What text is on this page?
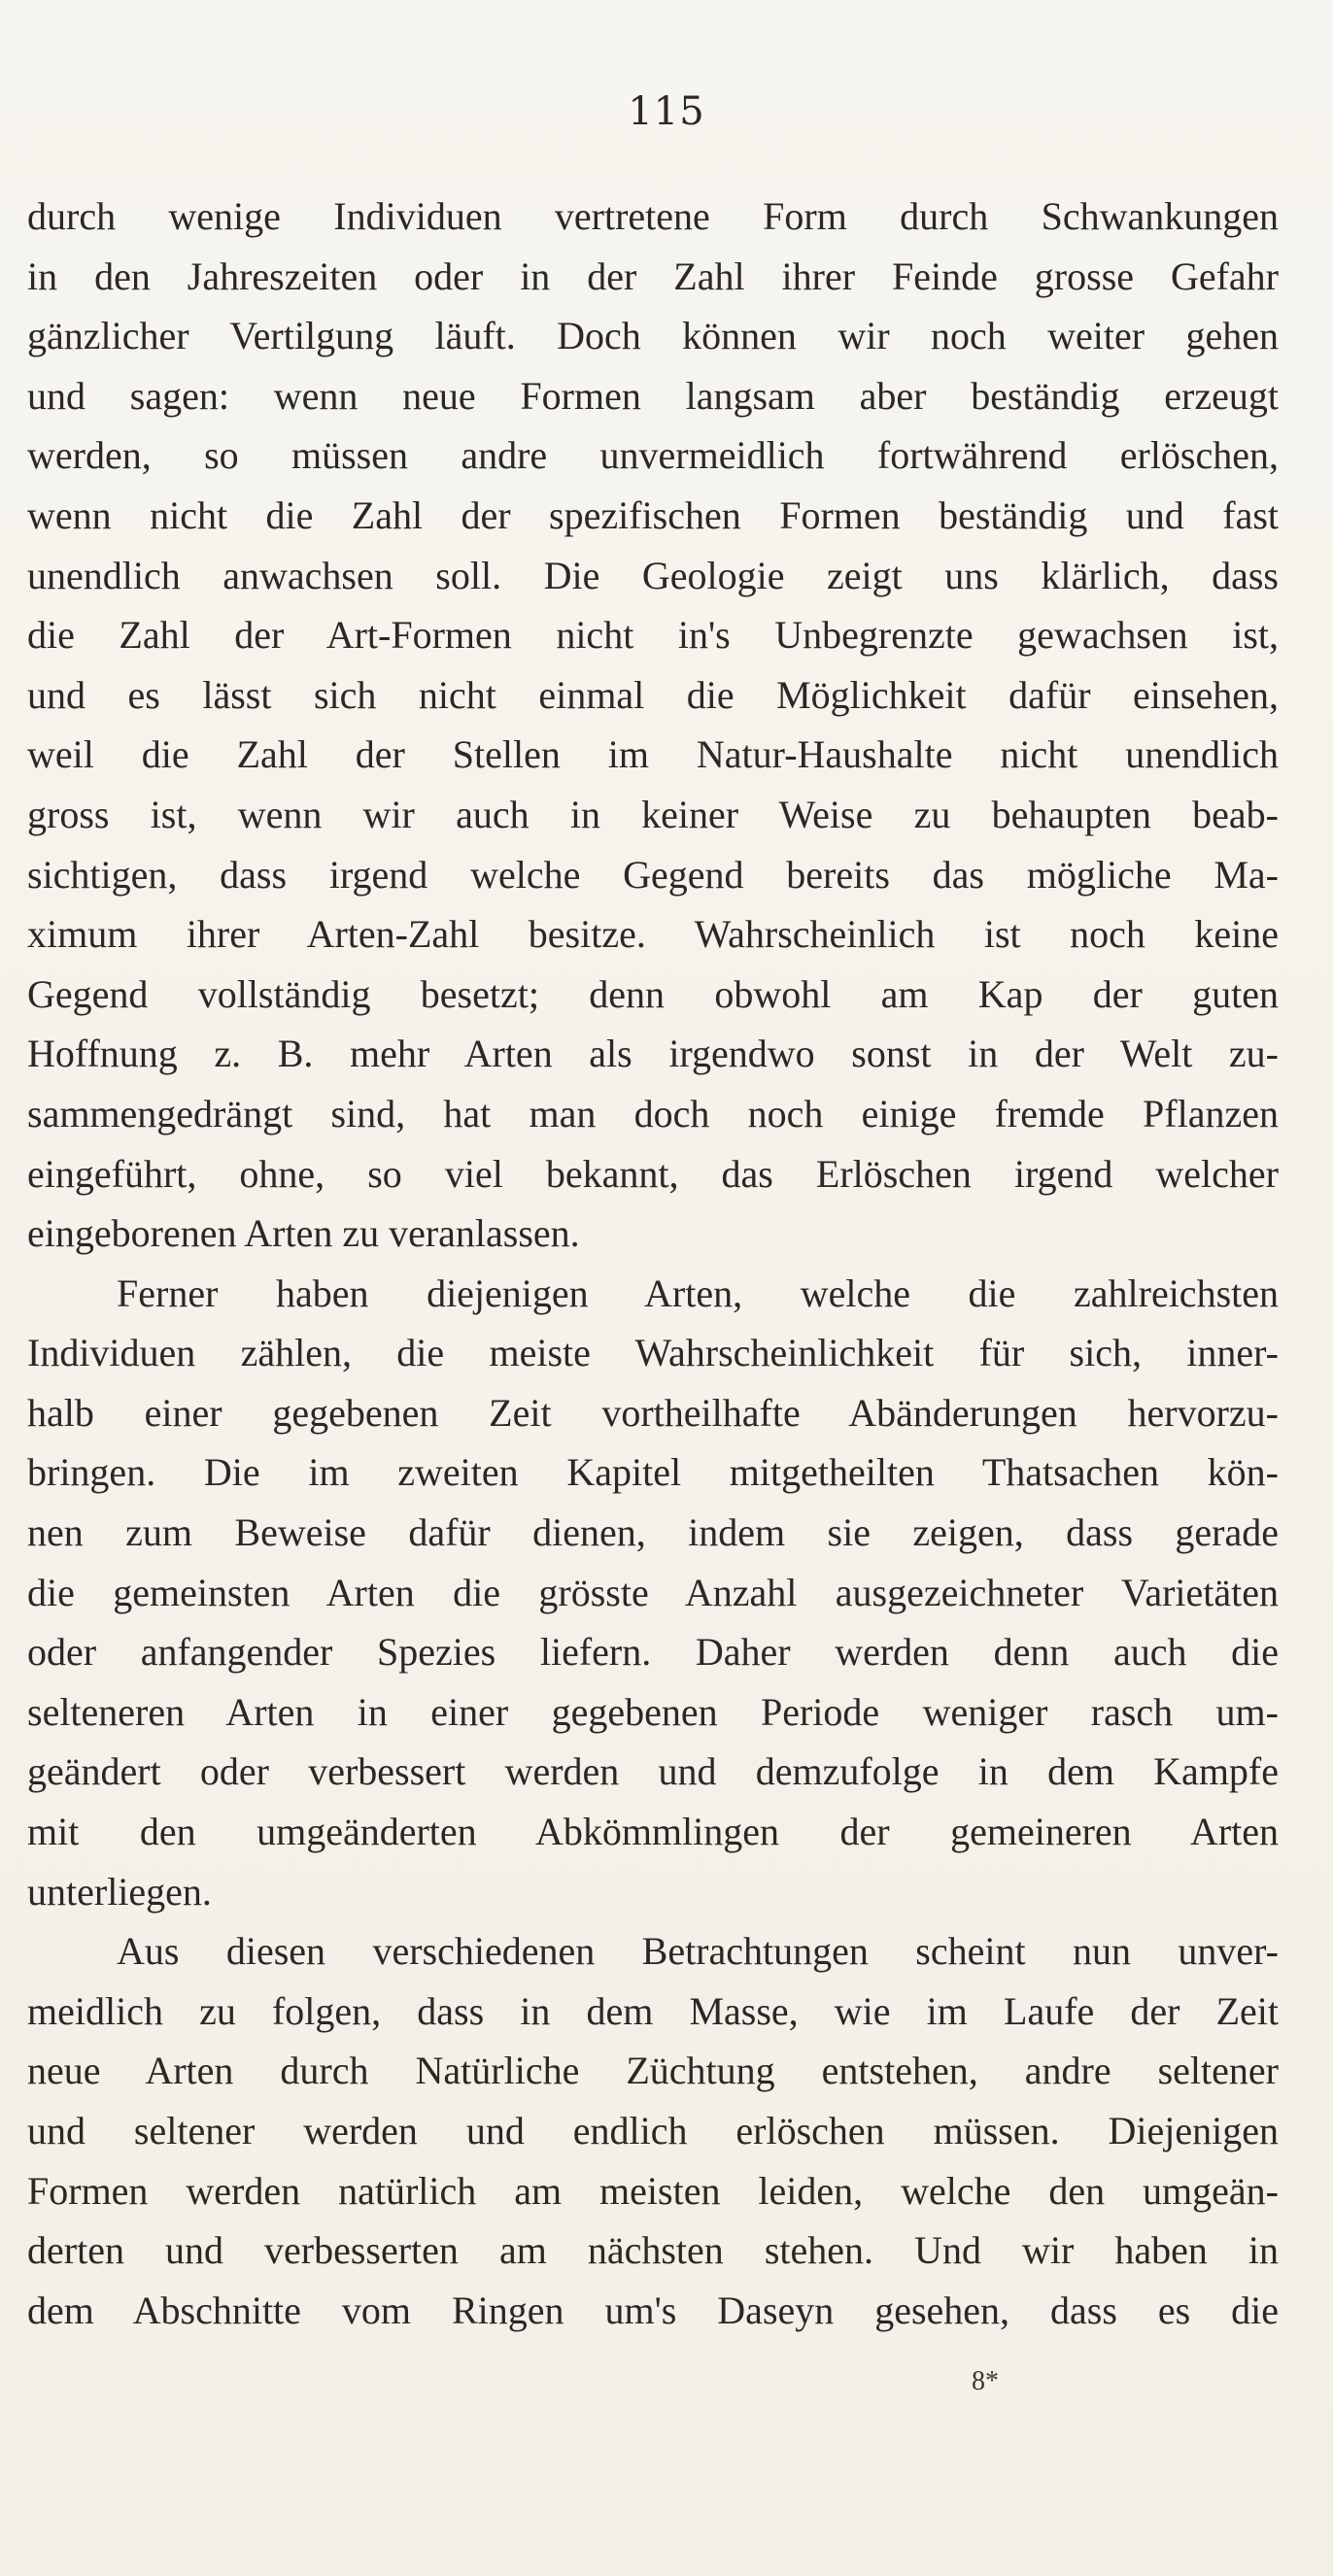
115
durch wenige Individuen vertretene Form durch Schwankungen
in den Jahreszeiten oder in der Zahl ihrer Feinde grosse Gefahr
gänzlicher Vertilgung läuft. Doch können wir noch weiter gehen
und sagen: wenn neue Formen langsam aber beständig erzeugt
werden, so müssen andre unvermeidlich fortwährend erlöschen,
wenn nicht die Zahl der spezifischen Formen beständig und fast
unendlich anwachsen soll. Die Geologie zeigt uns klärlich, dass
die Zahl der Art-Formen nicht in's Unbegrenzte gewachsen ist,
und es lässt sich nicht einmal die Möglichkeit dafür einsehen,
weil die Zahl der Stellen im Natur-Haushalte nicht unendlich
gross ist, wenn wir auch in keiner Weise zu behaupten beab-
sichtigen, dass irgend welche Gegend bereits das mögliche Ma-
ximum ihrer Arten-Zahl besitze. Wahrscheinlich ist noch keine
Gegend vollständig besetzt; denn obwohl am Kap der guten
Hoffnung z. B. mehr Arten als irgendwo sonst in der Welt zu-
sammengedrängt sind, hat man doch noch einige fremde Pflanzen
eingeführt, ohne, so viel bekannt, das Erlöschen irgend welcher
eingeborenen Arten zu veranlassen.
Ferner haben diejenigen Arten, welche die zahlreichsten
Individuen zählen, die meiste Wahrscheinlichkeit für sich, inner-
halb einer gegebenen Zeit vortheilhafte Abänderungen hervorzu-
bringen. Die im zweiten Kapitel mitgetheilten Thatsachen kön-
nen zum Beweise dafür dienen, indem sie zeigen, dass gerade
die gemeinsten Arten die grösste Anzahl ausgezeichneter Varietäten
oder anfangender Spezies liefern. Daher werden denn auch die
selteneren Arten in einer gegebenen Periode weniger rasch um-
geändert oder verbessert werden und demzufolge in dem Kampfe
mit den umgeänderten Abkömmlingen der gemeineren Arten
unterliegen.
Aus diesen verschiedenen Betrachtungen scheint nun unver-
meidlich zu folgen, dass in dem Masse, wie im Laufe der Zeit
neue Arten durch Natürliche Züchtung entstehen, andre seltener
und seltener werden und endlich erlöschen müssen. Diejenigen
Formen werden natürlich am meisten leiden, welche den umgeän-
derten und verbesserten am nächsten stehen. Und wir haben in
dem Abschnitte vom Ringen um's Daseyn gesehen, dass es die
8*
